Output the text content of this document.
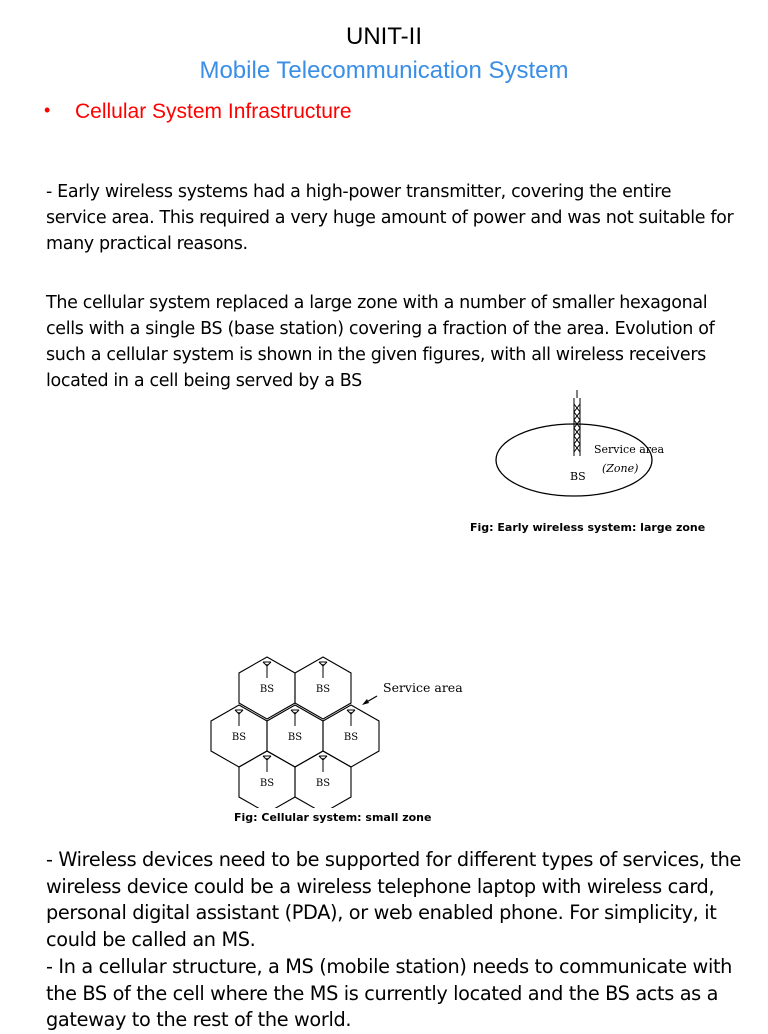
UNIT-II
Mobile Telecommunication System
• Cellular System Infrastructure
- Early wireless systems had a high-power transmitter, covering the entire service area. This required a very huge amount of power and was not suitable for many practical reasons.
The cellular system replaced a large zone with a number of smaller hexagonal cells with a single BS (base station) covering a fraction of the area. Evolution of such a cellular system is shown in the given figures, with all wireless receivers located in a cell being served by a BS
Service area
(Zone)
BS
Fig: Early wireless system: large zone
BS	BS
BS	BS	BS
BS	BS
Service area
Fig: Cellular system: small zone
- Wireless devices need to be supported for different types of services, the wireless device could be a wireless telephone laptop with wireless card, personal digital assistant (PDA), or web enabled phone. For simplicity, it could be called an MS.
- In a cellular structure, a MS (mobile station) needs to communicate with the BS of the cell where the MS is currently located and the BS acts as a gateway to the rest of the world.
